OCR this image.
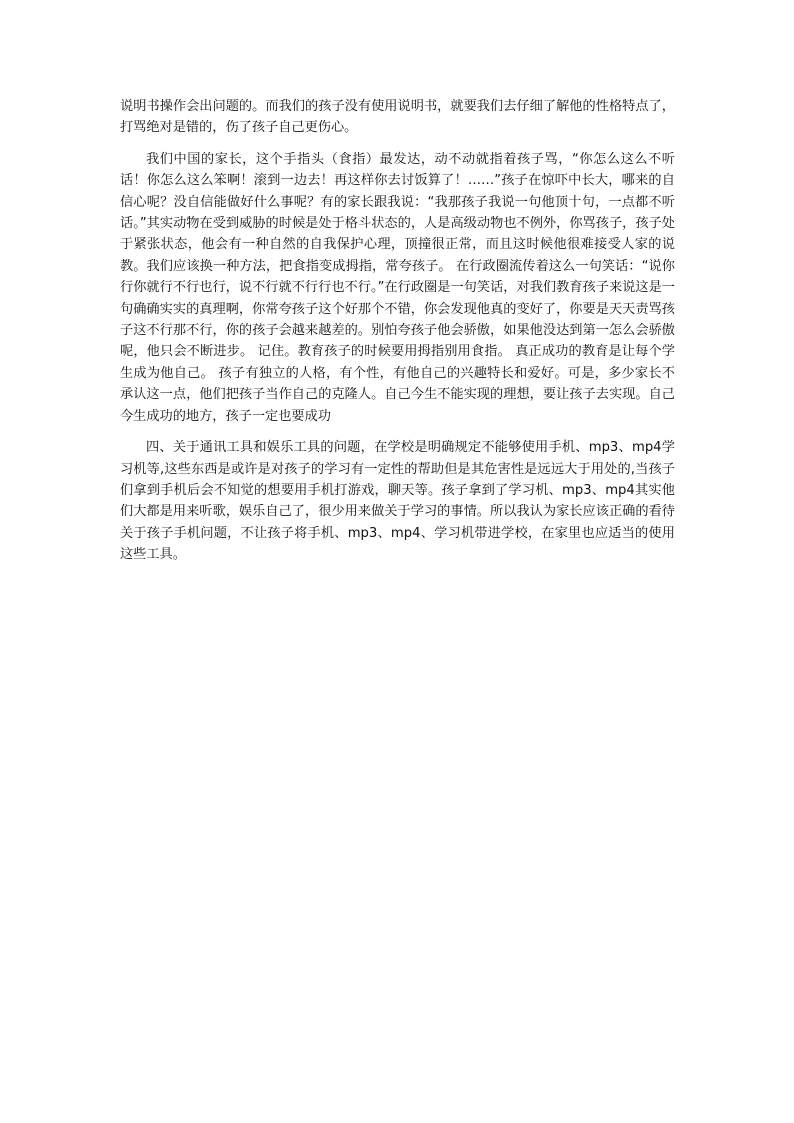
说明书操作会出问题的。而我们的孩子没有使用说明书，就要我们去仔细了解他的性格特点了，打骂绝对是错的，伤了孩子自己更伤心。

我们中国的家长，这个手指头（食指）最发达，动不动就指着孩子骂，“你怎么这么不听话！你怎么这么笨啊！滚到一边去！再这样你去讨饭算了！……”孩子在惊吓中长大，哪来的自信心呢？没自信能做好什么事呢？有的家长跟我说：“我那孩子我说一句他顶十句，一点都不听话。”其实动物在受到威胁的时候是处于格斗状态的，人是高级动物也不例外，你骂孩子，孩子处于紧张状态，他会有一种自然的自我保护心理，顶撞很正常，而且这时候他很难接受人家的说教。我们应该换一种方法，把食指变成拇指，常夸孩子。 在行政圈流传着这么一句笑话：“说你行你就行不行也行，说不行就不行行也不行。”在行政圈是一句笑话，对我们教育孩子来说这是一句确确实实的真理啊，你常夸孩子这个好那个不错，你会发现他真的变好了，你要是天天责骂孩子这不行那不行，你的孩子会越来越差的。别怕夸孩子他会骄傲，如果他没达到第一怎么会骄傲呢，他只会不断进步。 记住。教育孩子的时候要用拇指别用食指。 真正成功的教育是让每个学生成为他自己。 孩子有独立的人格，有个性，有他自己的兴趣特长和爱好。可是，多少家长不承认这一点，他们把孩子当作自己的克隆人。自己今生不能实现的理想，要让孩子去实现。自己今生成功的地方，孩子一定也要成功

四、关于通讯工具和娱乐工具的问题，在学校是明确规定不能够使用手机、mp3、mp4学习机等,这些东西是或许是对孩子的学习有一定性的帮助但是其危害性是远远大于用处的,当孩子们拿到手机后会不知觉的想要用手机打游戏，聊天等。孩子拿到了学习机、mp3、mp4其实他们大都是用来听歌，娱乐自己了，很少用来做关于学习的事情。所以我认为家长应该正确的看待关于孩子手机问题，不让孩子将手机、mp3、mp4、学习机带进学校，在家里也应适当的使用这些工具。
